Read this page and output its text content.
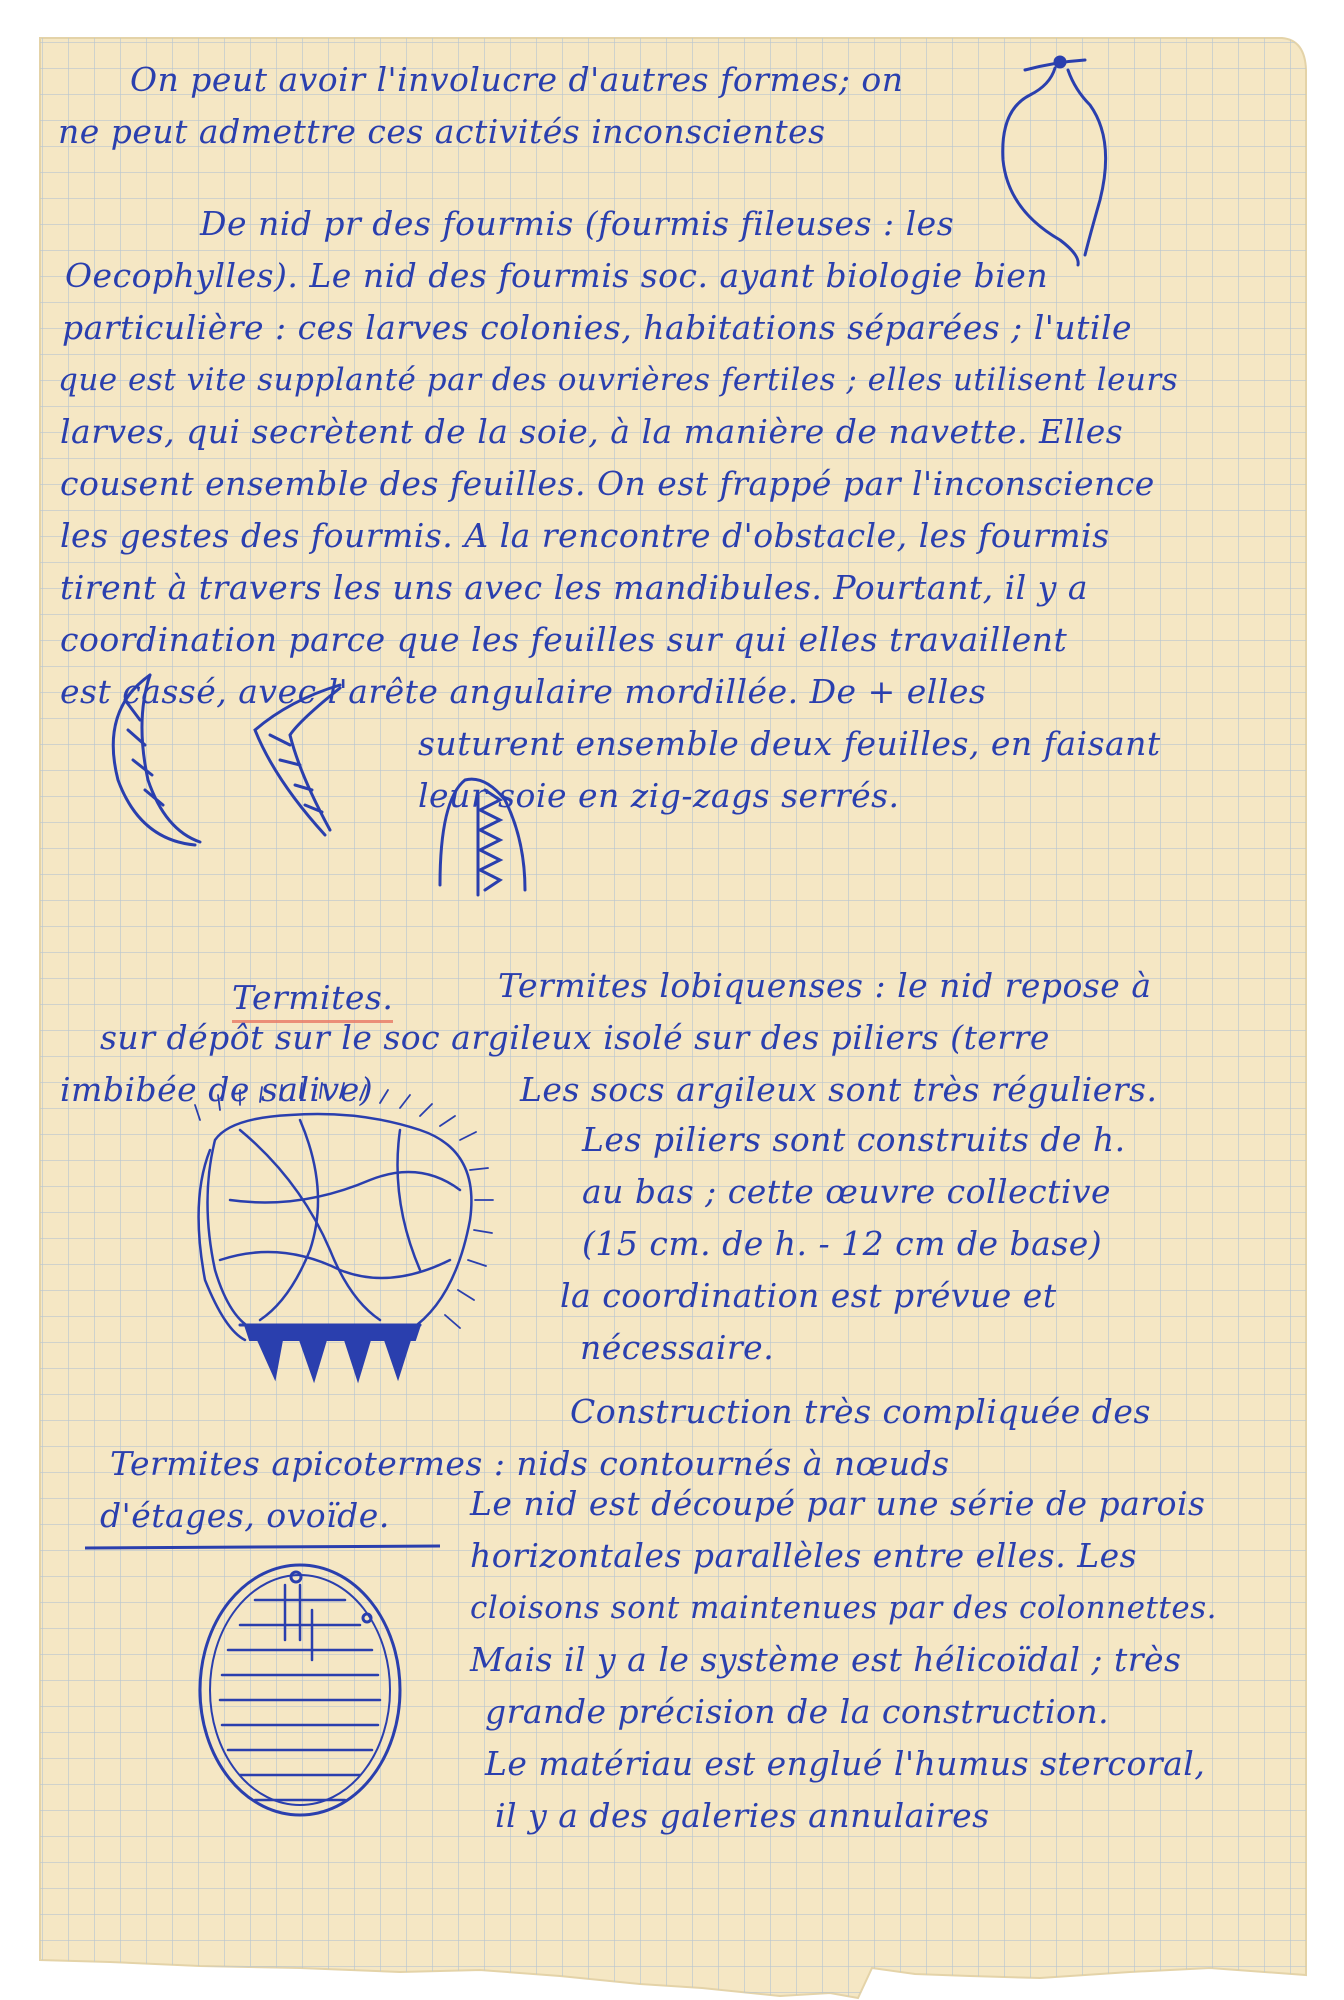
On peut avoir l'involucre d'autres formes; on
ne peut admettre ces activités inconscientes
De nid pr des fourmis (fourmis fileuses : les
Oecophylles). Le nid des fourmis soc. ayant biologie bien
particulière : ces larves colonies, habitations séparées ; l'utile
que est vite supplanté par des ouvrières fertiles ; elles utilisent leurs
larves, qui secrètent de la soie, à la manière de navette. Elles
cousent ensemble des feuilles. On est frappé par l'inconscience
les gestes des fourmis. A la rencontre d'obstacle, les fourmis
tirent à travers les uns avec les mandibules. Pourtant, il y a
coordination parce que les feuilles sur qui elles travaillent
est cassé, avec l'arête angulaire mordillée. De + elles
suturent ensemble deux feuilles, en faisant
leur soie en zig-zags serrés.
Termites.	Termites lobiquenses : le nid repose à
sur dépôt sur le soc argileux isolé sur des piliers (terre
imbibée de salive)	Les socs argileux sont très réguliers.
Les piliers sont construits de h.
au bas ; cette œuvre collective
(15 cm. de h. - 12 cm de base)
la coordination est prévue et
nécessaire.
Construction très compliquée des
Termites apicotermes : nids contournés à nœuds
d'étages, ovoïde. Le nid est découpé par une série de parois
horizontales parallèles entre elles. Les
cloisons sont maintenues par des colonnettes.
Mais il y a le système est hélicoïdal ; très
grande précision de la construction.
Le matériau est englué l'humus stercoral,
il y a des galeries annulaires
